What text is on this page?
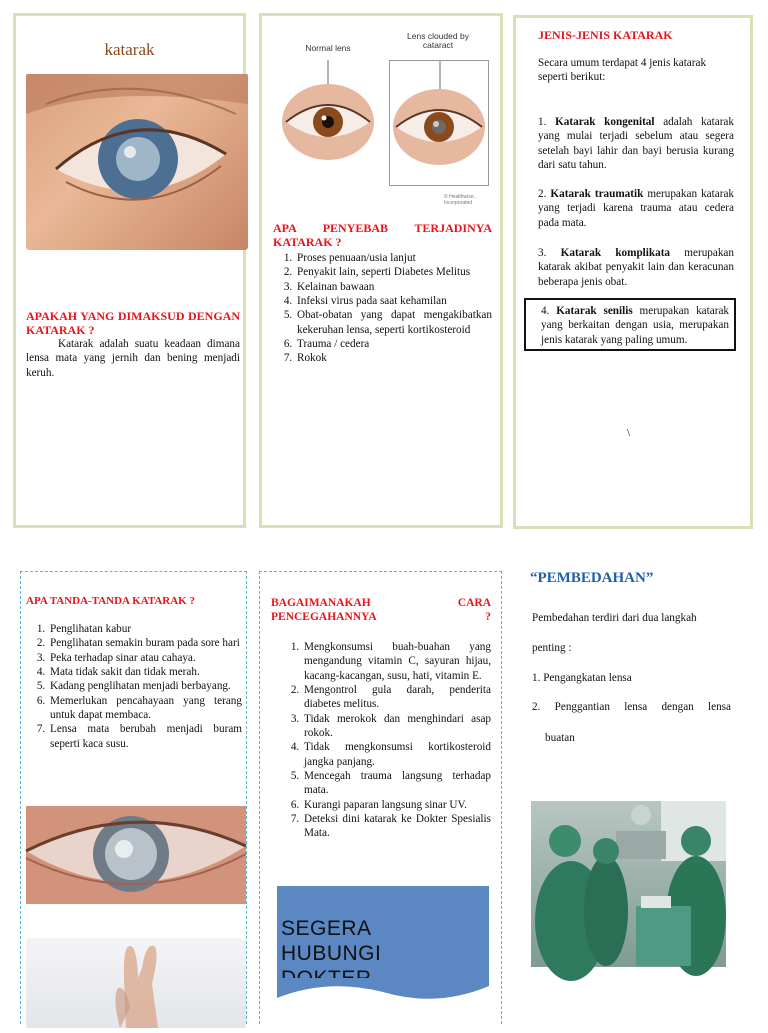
katarak
APAKAH YANG DIMAKSUD DENGAN KATARAK ?

Katarak adalah suatu keadaan dimana lensa mata yang jernih dan bening menjadi keruh.

Normal lens
Lens clouded by cataract
© Healthwise, Incorporated
APA PENYEBAB TERJADINYA KATARAK ?
1. Proses penuaan/usia lanjut
2. Penyakit lain, seperti Diabetes Melitus
3. Kelainan bawaan
4. Infeksi virus pada saat kehamilan
5. Obat-obatan yang dapat mengakibatkan kekeruhan lensa, seperti kortikosteroid
6. Trauma / cedera
7. Rokok
JENIS-JENIS KATARAK

Secara umum terdapat 4 jenis katarak seperti berikut:

1. Katarak kongenital adalah katarak yang mulai terjadi sebelum atau segera setelah bayi lahir dan bayi berusia kurang dari satu tahun.

2. Katarak traumatik merupakan katarak yang terjadi karena trauma atau cedera pada mata.

3. Katarak komplikata merupakan katarak akibat penyakit lain dan keracunan beberapa jenis obat.

4. Katarak senilis merupakan katarak yang berkaitan dengan usia, merupakan jenis katarak yang paling umum.

\
APA TANDA-TANDA KATARAK ?
1. Penglihatan kabur
2. Penglihatan semakin buram pada sore hari
3. Peka terhadap sinar atau cahaya.
4. Mata tidak sakit dan tidak merah.
5. Kadang penglihatan menjadi berbayang.
6. Memerlukan pencahayaan yang terang untuk dapat membaca.
7. Lensa mata berubah menjadi buram seperti kaca susu.
BAGAIMANAKAH CARA PENCEGAHANNYA ?
1. Mengkonsumsi buah-buahan yang mengandung vitamin C, sayuran hijau, kacang-kacangan, susu, hati, vitamin E.
2. Mengontrol gula darah, penderita diabetes melitus.
3. Tidak merokok dan menghindari asap rokok.
4. Tidak mengkonsumsi kortikosteroid jangka panjang.
5. Mencegah trauma langsung terhadap mata.
6. Kurangi paparan langsung sinar UV.
7. Deteksi dini katarak ke Dokter Spesialis Mata.
SEGERA
HUBUNGI
“PEMBEDAHAN”

Pembedahan terdiri dari dua langkah

penting :

1. Pengangkatan lensa

2. Penggantian lensa dengan lensa

buatan
